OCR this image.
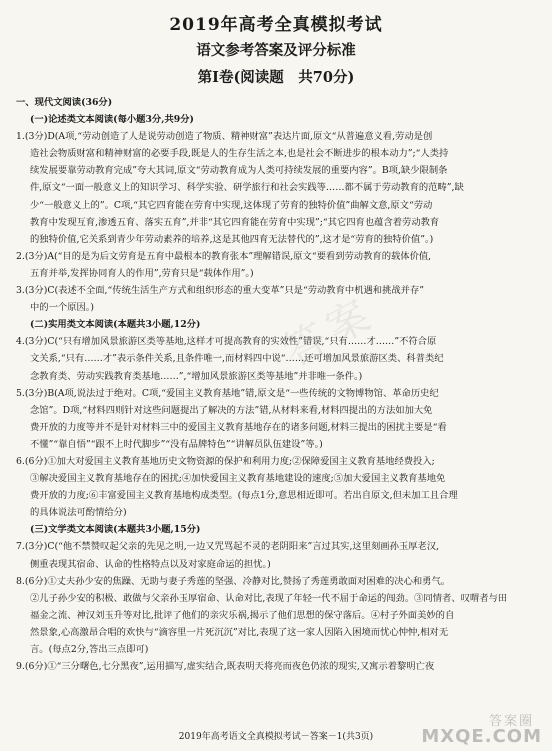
2019年高考全真模拟考试
语文参考答案及评分标准
第Ⅰ卷(阅读题　共70分)
一、现代文阅读(36分)
(一)论述类文本阅读(每小题3分,共9分)
1.(3分)D(A项,“劳动创造了人是说劳动创造了物质、精神财富”表达片面,原文“从普遍意义看,劳动是创
造社会物质财富和精神财富的必要手段,既是人的生存生活之本,也是社会不断进步的根本动力”;“人类持
续发展要靠劳动教育完成”夸大其词,原文“劳动教育成为人类可持续发展的重要内容”。B项,缺少限制条
件,原文“一面一般意义上的知识学习、科学实验、研学旅行和社会实践等……都不属于劳动教育的范畴”,缺
少“一般意义上的”。C项,“其它四育能在劳育中实现,这体现了劳育的独特价值”曲解文意,原文“劳动
教育中发现互育,渗透五育、落实五育”,并非“其它四育能在劳育中实现”;“其它四育也蕴含着劳动教育
的独特价值,它关系到青少年劳动素养的培养,这是其他四育无法替代的”,这才是“劳育的独特价值”。)
2.(3分)A(“目的是为后文劳育是五育中最根本的教育张本”理解错误,原文“要看到劳动教育的载体价值,
五育并举,发挥协同育人的作用”,劳育只是“载体作用”。)
3.(3分)C(表述不全面,“传统生活生产方式和组织形态的重大变革”只是“劳动教育中机遇和挑战并存”
中的一个原因。)
(二)实用类文本阅读(本题共3小题,12分)
4.(3分)C(“只有增加风景旅游区类等基地,这样才可提高教育的实效性”错误,“只有……才……”不符合原
文关系,“只有……才”表示条件关系,且条件唯一,而材料四中说“……还可增加风景旅游区类、科普类纪
念教育类、劳动实践教育类基地……”,“增加风景旅游区类等基地”并非唯一条件。)
5.(3分)B(A项,说法过于绝对。C项,“爱国主义教育基地”错,原文是“一些传统的文物博物馆、革命历史纪
念馆”。D项,“材料四则针对这些问题提出了解决的方法”错,从材料来看,材料四提出的方法如加大免
费开放的力度等并不是针对材料三中的爱国主义教育基地存在的诸多问题,材料三提出的困扰主要是“看
不懂”“靠自悟”“跟不上时代脚步”“没有品牌特色”“讲解员队伍建设”等。)
6.(6分)①加大对爱国主义教育基地历史文物资源的保护和利用力度;②保障爱国主义教育基地经费投入;
③解决爱国主义教育基地存在的困扰;④加快爱国主义教育基地建设的速度;⑤加大爱国主义教育基地免
费开放的力度;⑥丰富爱国主义教育基地构成类型。(每点1分,意思相近即可。若出自原文,但未加工且合理
的具体说法可酌情给分)
(三)文学类文本阅读(本题共3小题,15分)
7.(3分)C(“他不禁赞叹起父亲的先见之明,一边又咒骂起不灵的老阴阳来”言过其实,这里刻画孙玉厚老汉,
侧重表现其宿命、认命的性格特点以及对家庭命运的担忧。)
8.(6分)①丈夫孙少安的焦躁、无助与妻子秀莲的坚强、冷静对比,赞扬了秀莲勇敢面对困难的决心和勇气。
②儿子孙少安的积极、敢做与父亲孙玉厚宿命、认命对比,表现了年轻一代不屈于命运的闯劲。③同情者、叹喟者与田
福金之流、神汉刘玉升等对比,批评了他们的亲灾乐祸,揭示了他们思想的保守落后。④村子外面美妙的自
然景象,心高激昂合唱的欢快与“滴容里一片死沉沉”对比,表现了这一家人因陷入困境而忧心忡忡,相对无
言。(每点2分,答出三点即可)
9.(6分)①“三分曙色,七分黑夜”,运用描写,虚实结合,既表明天将亮而夜色仍浓的现实,又寓示着黎明亡夜
答案
2019年高考语文全真模拟考试－答案－1(共3页)
答案圈
MXQE.COM
